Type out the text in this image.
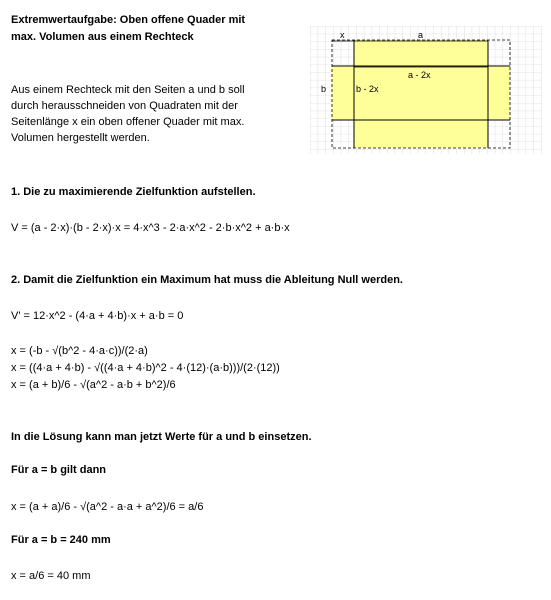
Extremwertaufgabe: Oben offene Quader mit
max. Volumen aus einem Rechteck
Aus einem Rechteck mit den Seiten a und b soll
durch herausschneiden von Quadraten mit der
Seitenlänge x ein oben offener Quader mit max.
Volumen hergestellt werden.
x	a
a - 2x
b	b - 2x
1. Die zu maximierende Zielfunktion aufstellen.
V = (a - 2·x)·(b - 2·x)·x = 4·x^3 - 2·a·x^2 - 2·b·x^2 + a·b·x
2. Damit die Zielfunktion ein Maximum hat muss die Ableitung Null werden.
V' = 12·x^2 - (4·a + 4·b)·x + a·b = 0
x = (-b - √(b^2 - 4·a·c))/(2·a)
x = ((4·a + 4·b) - √((4·a + 4·b)^2 - 4·(12)·(a·b)))/(2·(12))
x = (a + b)/6 - √(a^2 - a·b + b^2)/6
In die Lösung kann man jetzt Werte für a und b einsetzen.
Für a = b gilt dann
x = (a + a)/6 - √(a^2 - a·a + a^2)/6 = a/6
Für a = b = 240 mm
x = a/6 = 40 mm
